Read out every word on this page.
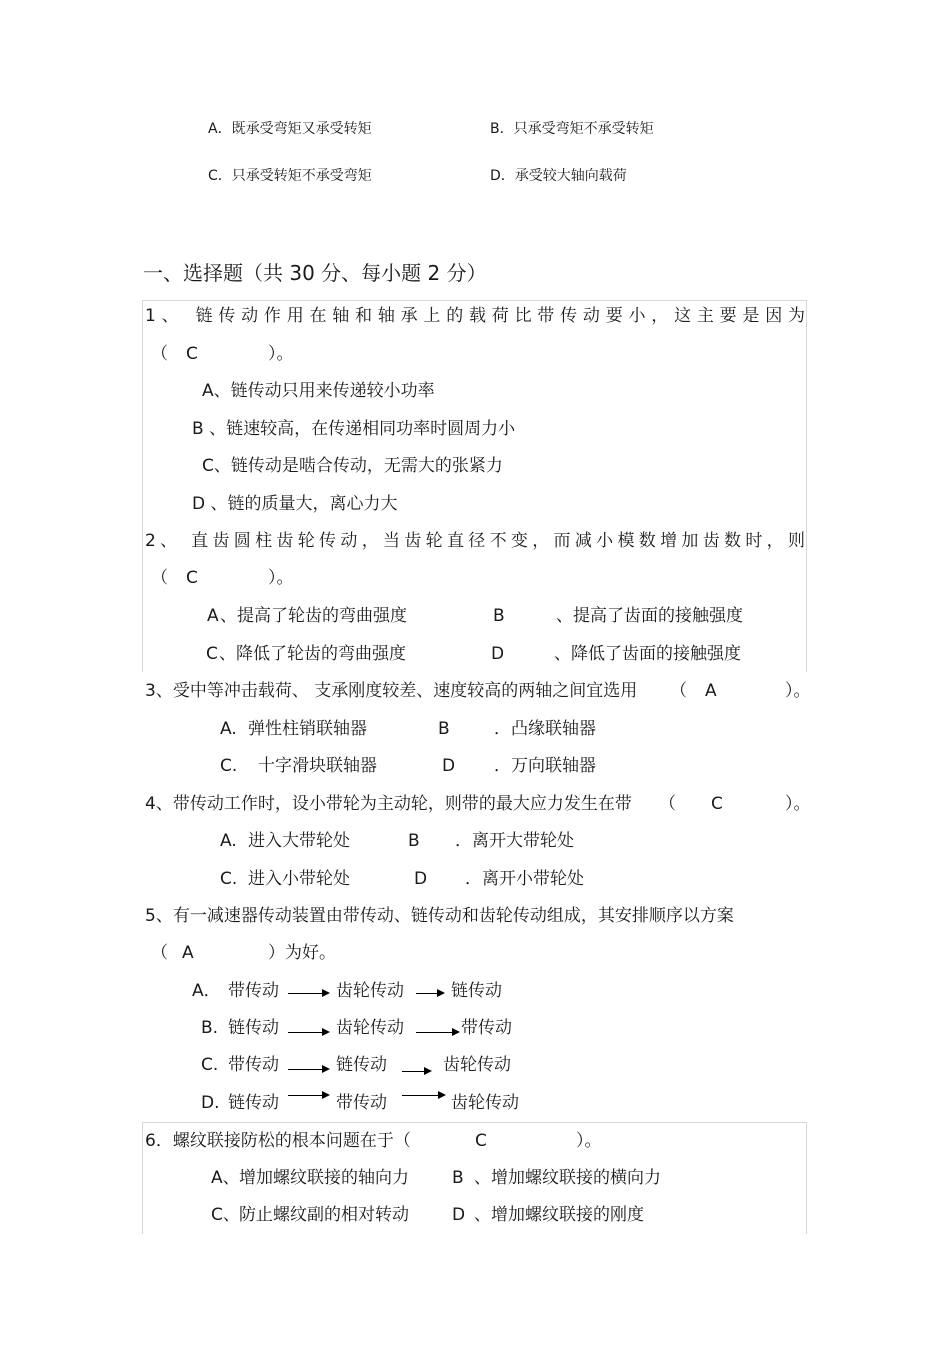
A．既承受弯矩又承受转矩	B．只承受弯矩不承受转矩
C．只承受转矩不承受弯矩	D．承受较大轴向载荷
一、选择题（共 30 分、每小题 2 分）
1、 链传动作用在轴和轴承上的载荷比带传动要小，这主要是因为
（ C	）。
A、链传动只用来传递较小功率
B 、链速较高，在传递相同功率时圆周力小
C、链传动是啮合传动，无需大的张紧力
D 、链的质量大，离心力大
2、 直齿圆柱齿轮传动，当齿轮直径不变，而减小模数增加齿数时，则
（ C	）。
A 、提高了轮齿的弯曲强度	B	、提高了齿面的接触强度
C 、降低了轮齿的弯曲强度	D	、降低了齿面的接触强度
3、受中等冲击载荷、 支承刚度较差、速度较高的两轴之间宜选用 （ A	）。
A. 弹性柱销联轴器	B	．凸缘联轴器
C. 十字滑块联轴器	D ．万向联轴器
4、带传动工作时，设小带轮为主动轮，则带的最大应力发生在带 （ C	）。
A. 进入大带轮处	B ．离开大带轮处
C. 进入小带轮处	D ．离开小带轮处
5、有一减速器传动装置由带传动、链传动和齿轮传动组成，其安排顺序以方案
（ A	）为好。
A． 带传动	齿轮传动	链传动
B. 链传动	齿轮传动	带传动
C. 带传动	链传动	齿轮传动
D. 链传动	带传动	齿轮传动
6．螺纹联接防松的根本问题在于（	C	）。
A、 增加螺纹联接的轴向力	B 、增加螺纹联接的横向力
C、 防止螺纹副的相对转动	D 、增加螺纹联接的刚度
